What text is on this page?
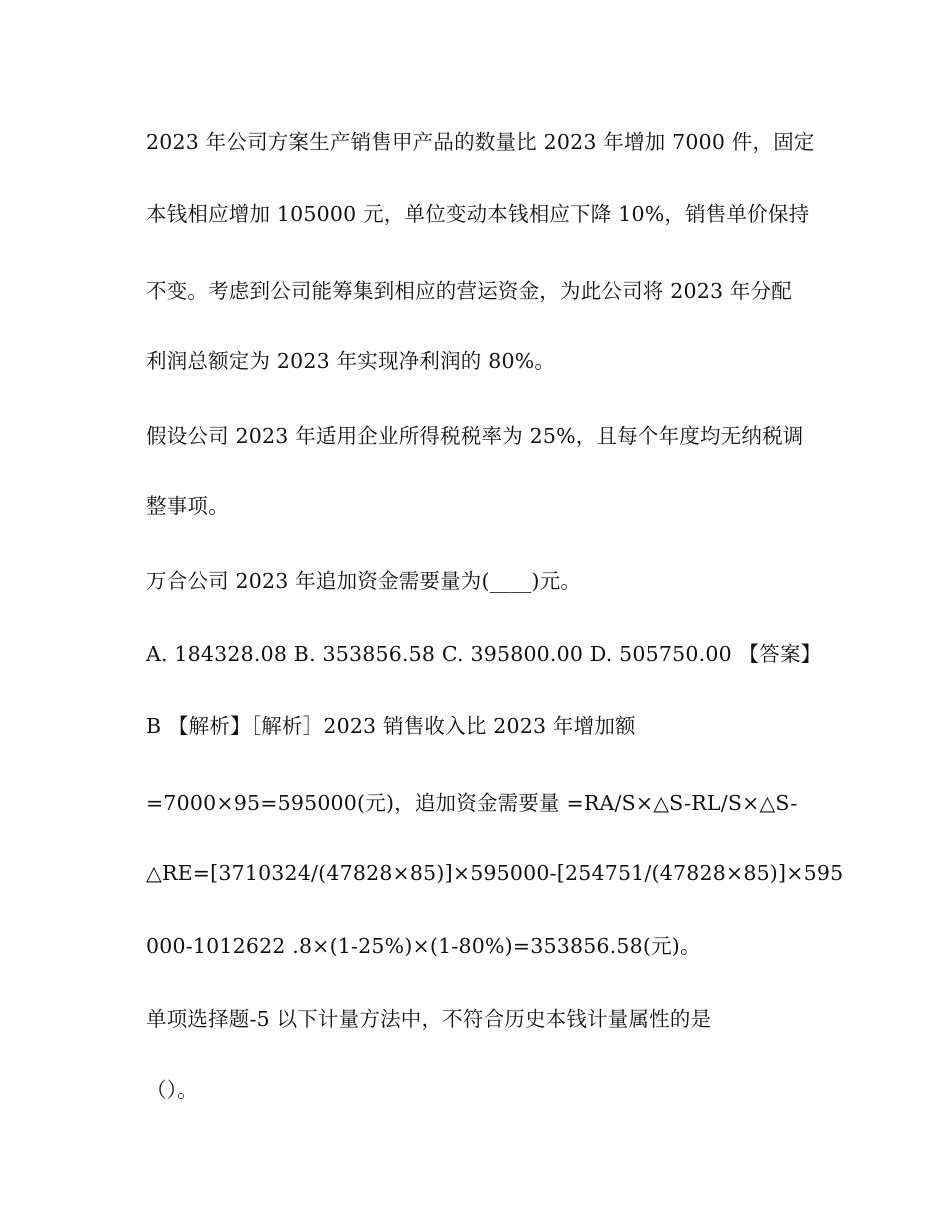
2023 年公司方案生产销售甲产品的数量比 2023 年增加 7000 件，固定
本钱相应增加 105000 元，单位变动本钱相应下降 10%，销售单价保持
不变。考虑到公司能筹集到相应的营运资金，为此公司将 2023 年分配
利润总额定为 2023 年实现净利润的 80%。
假设公司 2023 年适用企业所得税税率为 25%，且每个年度均无纳税调
整事项。
万合公司 2023 年追加资金需要量为(____)元。
A. 184328.08 B. 353856.58 C. 395800.00 D. 505750.00 【答案】
B 【解析】［解析］2023 销售收入比 2023 年增加额
=7000×95=595000(元)，追加资金需要量 =RA/S×△S-RL/S×△S-
△RE=[3710324/(47828×85)]×595000-[254751/(47828×85)]×595
000-1012622 .8×(1-25%)×(1-80%)=353856.58(元)。
单项选择题-5 以下计量方法中，不符合历史本钱计量属性的是
（）。
